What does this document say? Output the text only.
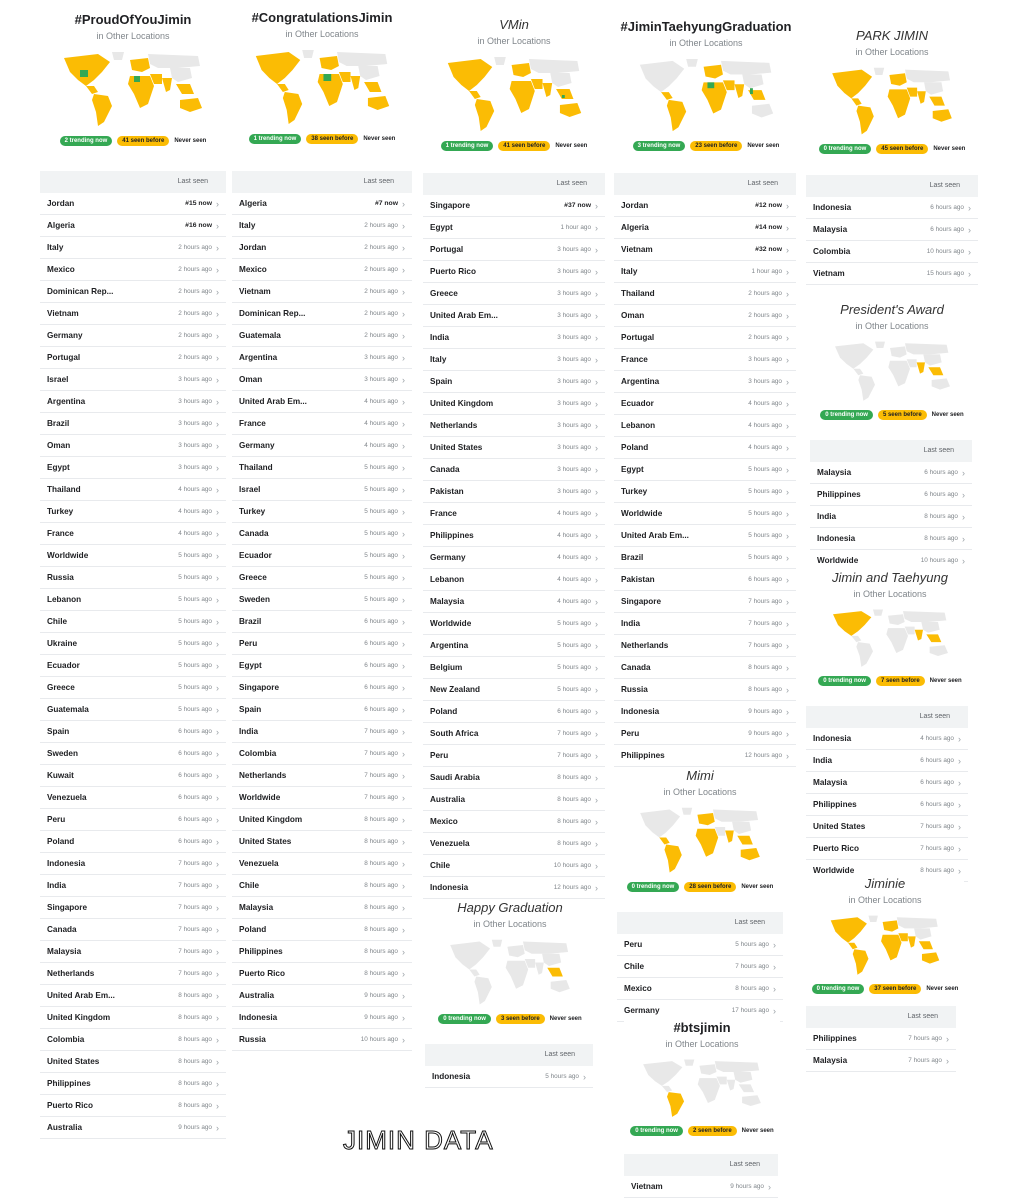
#ProudOfYouJimin
in Other Locations
2 trending now	41 seen before	Never seen
Last seen
Jordan	#15 now ›
Algeria	#16 now ›
Italy	2 hours ago ›
Mexico	2 hours ago ›
Dominican Rep...	2 hours ago ›
Vietnam	2 hours ago ›
Germany	2 hours ago ›
Portugal	2 hours ago ›
Israel	3 hours ago ›
Argentina	3 hours ago ›
Brazil	3 hours ago ›
Oman	3 hours ago ›
Egypt	3 hours ago ›
Thailand	4 hours ago ›
Turkey	4 hours ago ›
France	4 hours ago ›
Worldwide	5 hours ago ›
Russia	5 hours ago ›
Lebanon	5 hours ago ›
Chile	5 hours ago ›
Ukraine	5 hours ago ›
Ecuador	5 hours ago ›
Greece	5 hours ago ›
Guatemala	5 hours ago ›
Spain	6 hours ago ›
Sweden	6 hours ago ›
Kuwait	6 hours ago ›
Venezuela	6 hours ago ›
Peru	6 hours ago ›
Poland	6 hours ago ›
Indonesia	7 hours ago ›
India	7 hours ago ›
Singapore	7 hours ago ›
Canada	7 hours ago ›
Malaysia	7 hours ago ›
Netherlands	7 hours ago ›
United Arab Em...	8 hours ago ›
United Kingdom	8 hours ago ›
Colombia	8 hours ago ›
United States	8 hours ago ›
Philippines	8 hours ago ›
Puerto Rico	8 hours ago ›
Australia	9 hours ago ›
#CongratulationsJimin
in Other Locations
1 trending now	38 seen before	Never seen
Last seen
Algeria	#7 now ›
Italy	2 hours ago ›
Jordan	2 hours ago ›
Mexico	2 hours ago ›
Vietnam	2 hours ago ›
Dominican Rep...	2 hours ago ›
Guatemala	2 hours ago ›
Argentina	3 hours ago ›
Oman	3 hours ago ›
United Arab Em...	4 hours ago ›
France	4 hours ago ›
Germany	4 hours ago ›
Thailand	5 hours ago ›
Israel	5 hours ago ›
Turkey	5 hours ago ›
Canada	5 hours ago ›
Ecuador	5 hours ago ›
Greece	5 hours ago ›
Sweden	5 hours ago ›
Brazil	6 hours ago ›
Peru	6 hours ago ›
Egypt	6 hours ago ›
Singapore	6 hours ago ›
Spain	6 hours ago ›
India	7 hours ago ›
Colombia	7 hours ago ›
Netherlands	7 hours ago ›
Worldwide	7 hours ago ›
United Kingdom	8 hours ago ›
United States	8 hours ago ›
Venezuela	8 hours ago ›
Chile	8 hours ago ›
Malaysia	8 hours ago ›
Poland	8 hours ago ›
Philippines	8 hours ago ›
Puerto Rico	8 hours ago ›
Australia	9 hours ago ›
Indonesia	9 hours ago ›
Russia	10 hours ago ›
VMin
in Other Locations
1 trending now	41 seen before	Never seen
Last seen
Singapore	#37 now ›
Egypt	1 hour ago ›
Portugal	3 hours ago ›
Puerto Rico	3 hours ago ›
Greece	3 hours ago ›
United Arab Em...	3 hours ago ›
India	3 hours ago ›
Italy	3 hours ago ›
Spain	3 hours ago ›
United Kingdom	3 hours ago ›
Netherlands	3 hours ago ›
United States	3 hours ago ›
Canada	3 hours ago ›
Pakistan	3 hours ago ›
France	4 hours ago ›
Philippines	4 hours ago ›
Germany	4 hours ago ›
Lebanon	4 hours ago ›
Malaysia	4 hours ago ›
Worldwide	5 hours ago ›
Argentina	5 hours ago ›
Belgium	5 hours ago ›
New Zealand	5 hours ago ›
Poland	6 hours ago ›
South Africa	7 hours ago ›
Peru	7 hours ago ›
Saudi Arabia	8 hours ago ›
Australia	8 hours ago ›
Mexico	8 hours ago ›
Venezuela	8 hours ago ›
Chile	10 hours ago ›
Indonesia	12 hours ago ›
Happy Graduation
in Other Locations
0 trending now	3 seen before	Never seen
Last seen
Indonesia	5 hours ago ›
#JiminTaehyungGraduation
in Other Locations
3 trending now	23 seen before	Never seen
Last seen
Jordan	#12 now ›
Algeria	#14 now ›
Vietnam	#32 now ›
Italy	1 hour ago ›
Thailand	2 hours ago ›
Oman	2 hours ago ›
Portugal	2 hours ago ›
France	3 hours ago ›
Argentina	3 hours ago ›
Ecuador	4 hours ago ›
Lebanon	4 hours ago ›
Poland	4 hours ago ›
Egypt	5 hours ago ›
Turkey	5 hours ago ›
Worldwide	5 hours ago ›
United Arab Em...	5 hours ago ›
Brazil	5 hours ago ›
Pakistan	6 hours ago ›
Singapore	7 hours ago ›
India	7 hours ago ›
Netherlands	7 hours ago ›
Canada	8 hours ago ›
Russia	8 hours ago ›
Indonesia	9 hours ago ›
Peru	9 hours ago ›
Philippines	12 hours ago ›
Mimi
in Other Locations
0 trending now	28 seen before	Never seen
Last seen
Peru	5 hours ago ›
Chile	7 hours ago ›
Mexico	8 hours ago ›
Germany	17 hours ago ›
#btsjimin
in Other Locations
0 trending now	2 seen before	Never seen
Last seen
Vietnam	9 hours ago ›
PARK JIMIN
in Other Locations
0 trending now	45 seen before	Never seen
Last seen
Indonesia	6 hours ago ›
Malaysia	6 hours ago ›
Colombia	10 hours ago ›
Vietnam	15 hours ago ›
President's Award
in Other Locations
0 trending now	5 seen before	Never seen
Last seen
Malaysia	6 hours ago ›
Philippines	6 hours ago ›
India	8 hours ago ›
Indonesia	8 hours ago ›
Worldwide	10 hours ago ›
Jimin and Taehyung
in Other Locations
0 trending now	7 seen before	Never seen
Last seen
Indonesia	4 hours ago ›
India	6 hours ago ›
Malaysia	6 hours ago ›
Philippines	6 hours ago ›
United States	7 hours ago ›
Puerto Rico	7 hours ago ›
Worldwide	8 hours ago ›
Jiminie
in Other Locations
0 trending now	37 seen before	Never seen
Last seen
Philippines	7 hours ago ›
Malaysia	7 hours ago ›
JIMIN DATA
